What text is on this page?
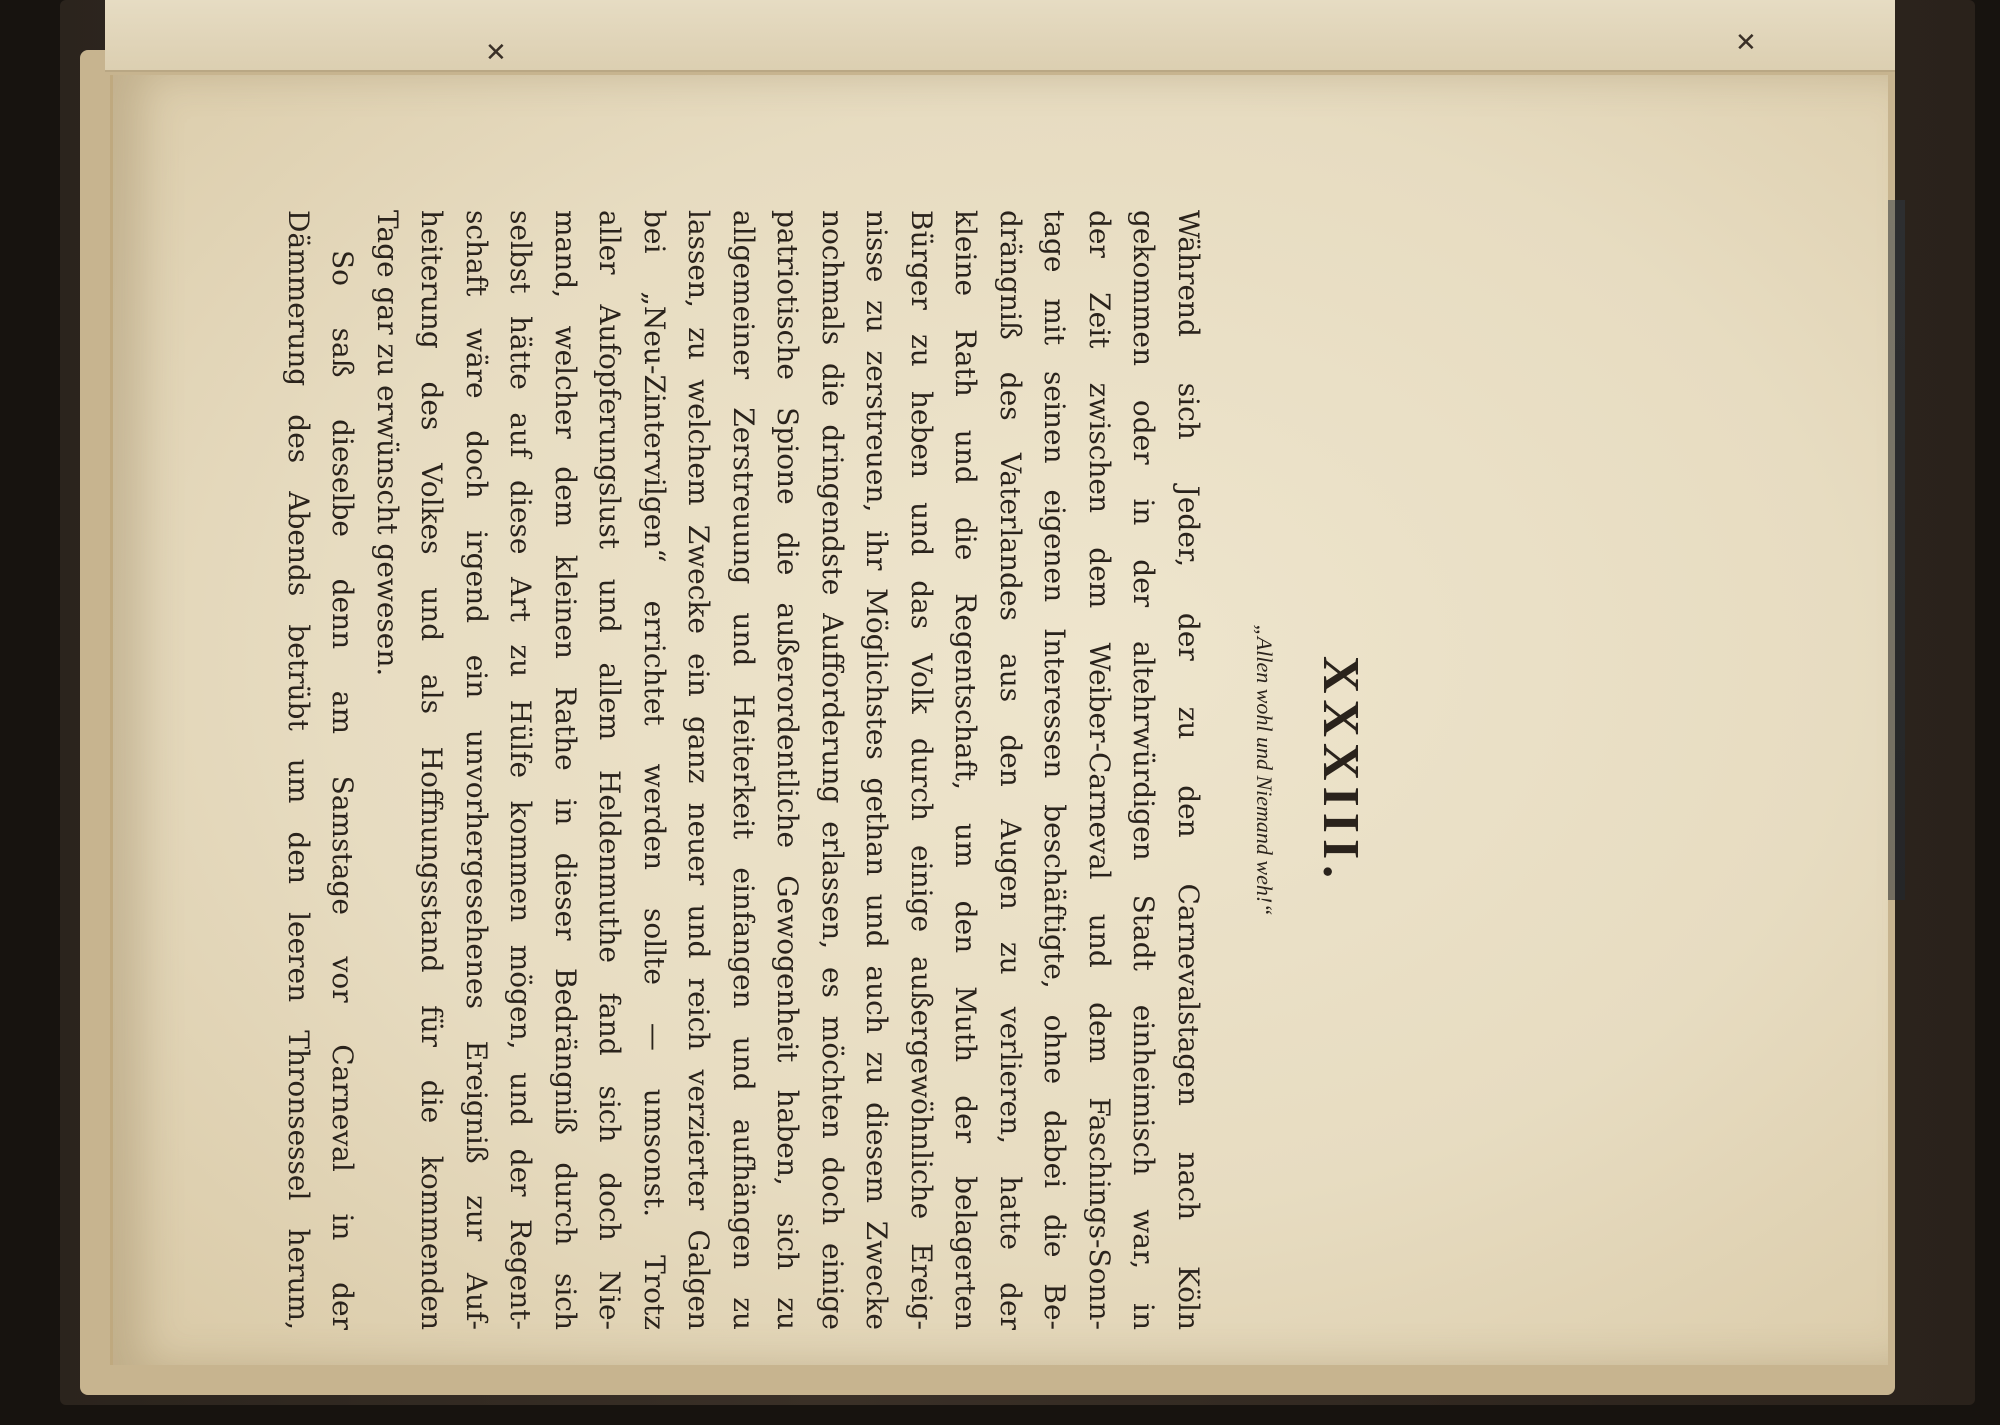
✕	✕
XXXIII.
„Allen wohl und Niemand weh!“
Während sich Jeder, der zu den Carnevalstagen nach Köln
gekommen oder in der altehrwürdigen Stadt einheimisch war, in
der Zeit zwischen dem Weiber-Carneval und dem Faschings-Sonn-
tage mit seinen eigenen Interessen beschäftigte, ohne dabei die Be-
drängniß des Vaterlandes aus den Augen zu verlieren, hatte der
kleine Rath und die Regentschaft, um den Muth der belagerten
Bürger zu heben und das Volk durch einige außergewöhnliche Ereig-
nisse zu zerstreuen, ihr Möglichstes gethan und auch zu diesem Zwecke
nochmals die dringendste Aufforderung erlassen, es möchten doch einige
patriotische Spione die außerordentliche Gewogenheit haben, sich zu
allgemeiner Zerstreuung und Heiterkeit einfangen und aufhängen zu
lassen, zu welchem Zwecke ein ganz neuer und reich verzierter Galgen
bei „Neu-Zintervilgen“ errichtet werden sollte — umsonst. Trotz
aller Aufopferungslust und allem Heldenmuthe fand sich doch Nie-
mand, welcher dem kleinen Rathe in dieser Bedrängniß durch sich
selbst hätte auf diese Art zu Hülfe kommen mögen, und der Regent-
schaft wäre doch irgend ein unvorhergesehenes Ereigniß zur Auf-
heiterung des Volkes und als Hoffnungsstand für die kommenden
Tage gar zu erwünscht gewesen.
So saß dieselbe denn am Samstage vor Carneval in der
Dämmerung des Abends betrübt um den leeren Thronsessel herum,
